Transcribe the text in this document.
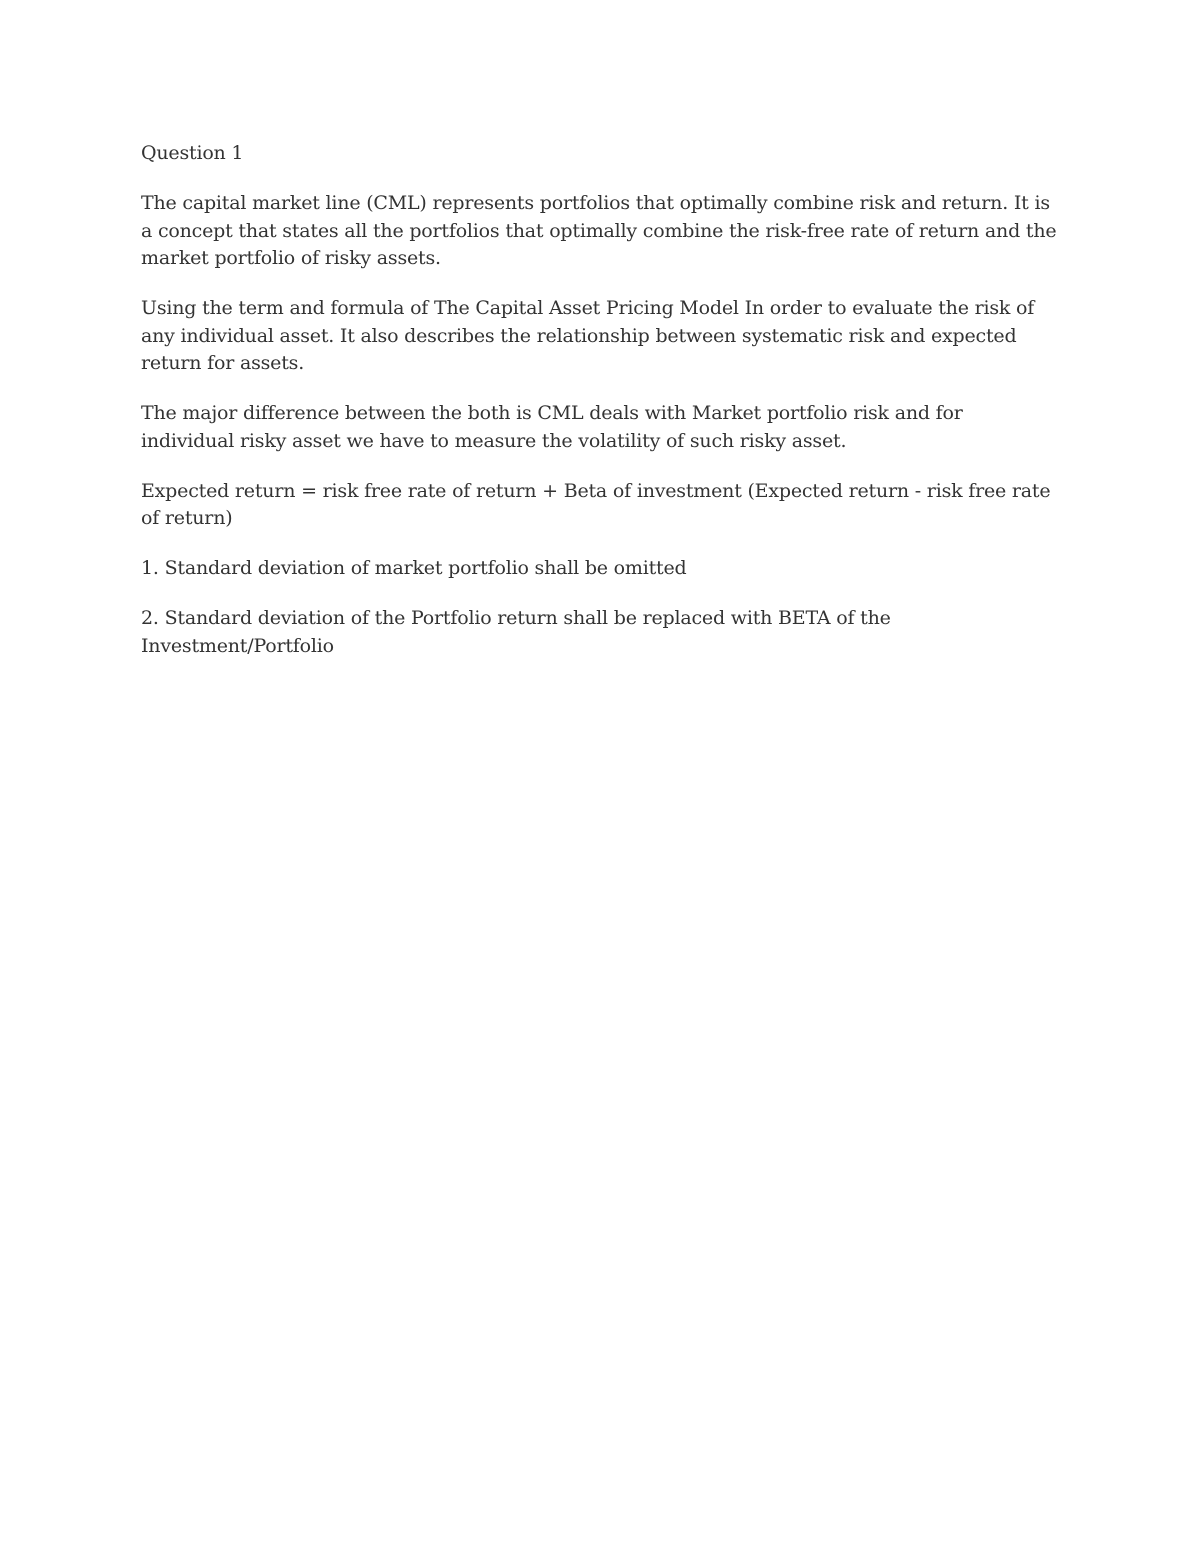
Question 1

The capital market line (CML) represents portfolios that optimally combine risk and return. It is a concept that states all the portfolios that optimally combine the risk-free rate of return and the market portfolio of risky assets.

Using the term and formula of The Capital Asset Pricing Model In order to evaluate the risk of any individual asset. It also describes the relationship between systematic risk and expected return for assets.

The major difference between the both is CML deals with Market portfolio risk and for individual risky asset we have to measure the volatility of such risky asset.

Expected return = risk free rate of return + Beta of investment (Expected return - risk free rate of return)

1. Standard deviation of market portfolio shall be omitted

2. Standard deviation of the Portfolio return shall be replaced with BETA of the Investment/Portfolio
